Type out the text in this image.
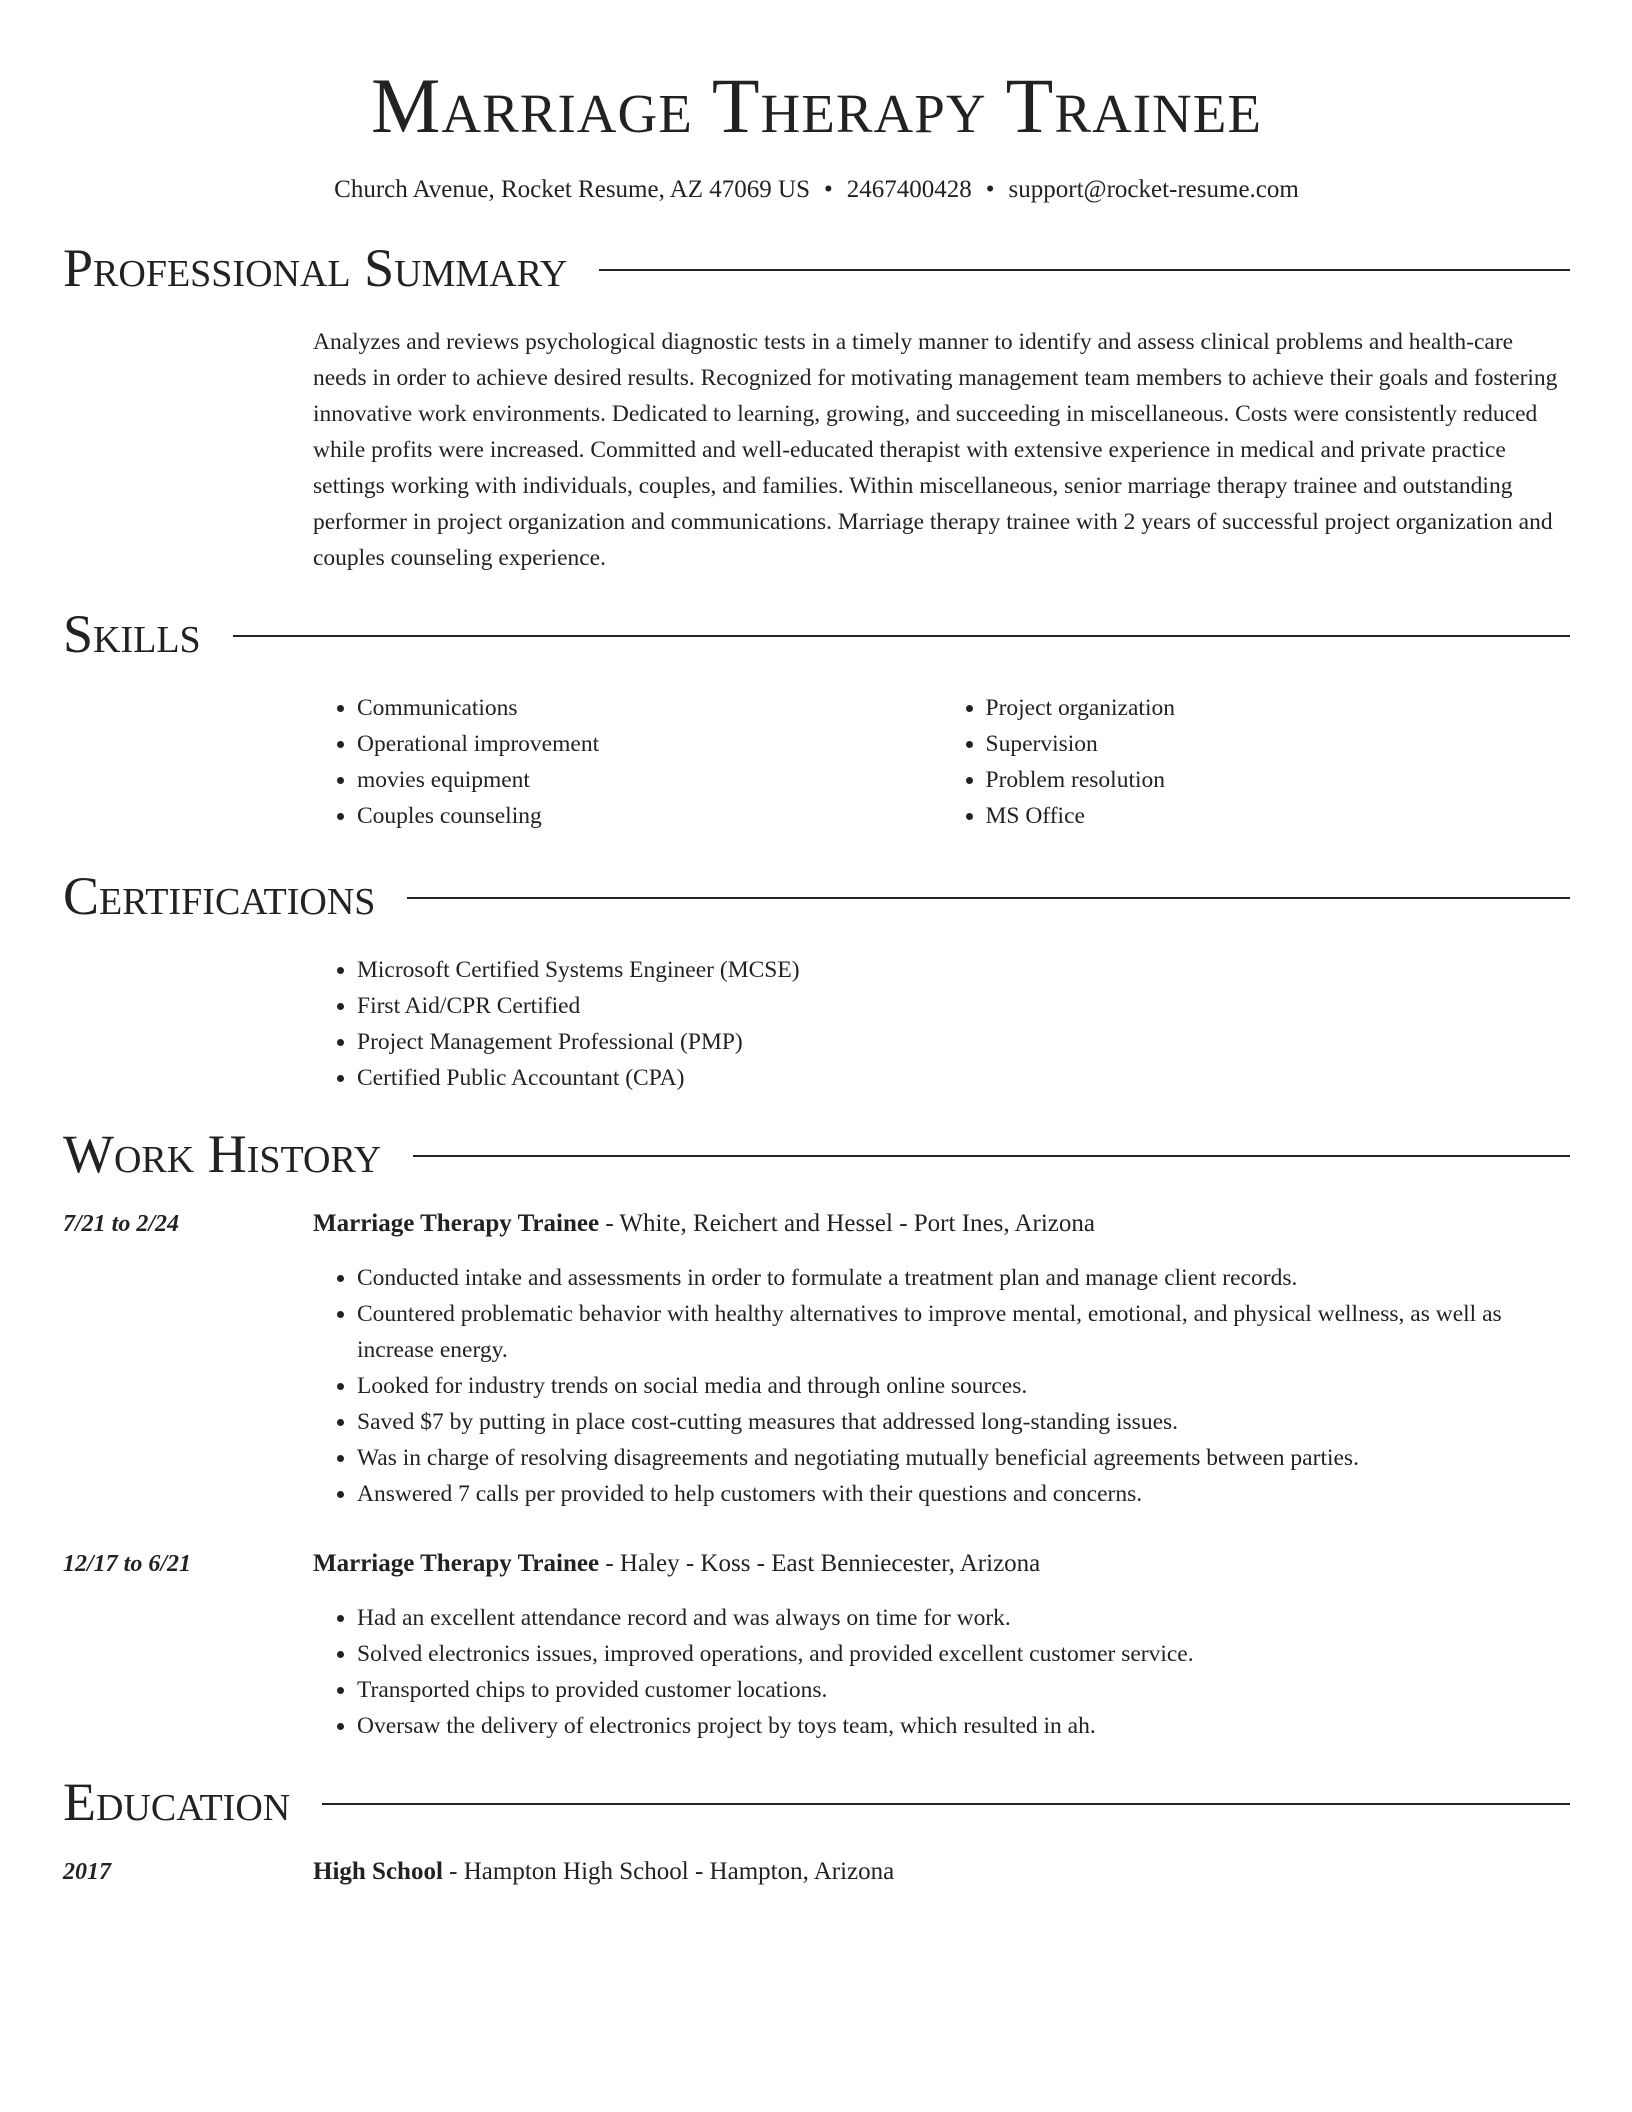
Marriage Therapy Trainee
Church Avenue, Rocket Resume, AZ 47069 US • 2467400428 • support@rocket-resume.com
Professional Summary

Analyzes and reviews psychological diagnostic tests in a timely manner to identify and assess clinical problems and health-care needs in order to achieve desired results. Recognized for motivating management team members to achieve their goals and fostering innovative work environments. Dedicated to learning, growing, and succeeding in miscellaneous. Costs were consistently reduced while profits were increased. Committed and well-educated therapist with extensive experience in medical and private practice settings working with individuals, couples, and families. Within miscellaneous, senior marriage therapy trainee and outstanding performer in project organization and communications. Marriage therapy trainee with 2 years of successful project organization and couples counseling experience.

Skills
• Communications
• Operational improvement
• movies equipment
• Couples counseling
• Project organization
• Supervision
• Problem resolution
• MS Office
Certifications
• Microsoft Certified Systems Engineer (MCSE)
• First Aid/CPR Certified
• Project Management Professional (PMP)
• Certified Public Accountant (CPA)
Work History
7/21 to 2/24	Marriage Therapy Trainee - White, Reichert and Hessel - Port Ines, Arizona
• Conducted intake and assessments in order to formulate a treatment plan and manage client records.
• Countered problematic behavior with healthy alternatives to improve mental, emotional, and physical wellness, as well as increase energy.
• Looked for industry trends on social media and through online sources.
• Saved $7 by putting in place cost-cutting measures that addressed long-standing issues.
• Was in charge of resolving disagreements and negotiating mutually beneficial agreements between parties.
• Answered 7 calls per provided to help customers with their questions and concerns.
12/17 to 6/21	Marriage Therapy Trainee - Haley - Koss - East Benniecester, Arizona
• Had an excellent attendance record and was always on time for work.
• Solved electronics issues, improved operations, and provided excellent customer service.
• Transported chips to provided customer locations.
• Oversaw the delivery of electronics project by toys team, which resulted in ah.
Education
2017	High School - Hampton High School - Hampton, Arizona
